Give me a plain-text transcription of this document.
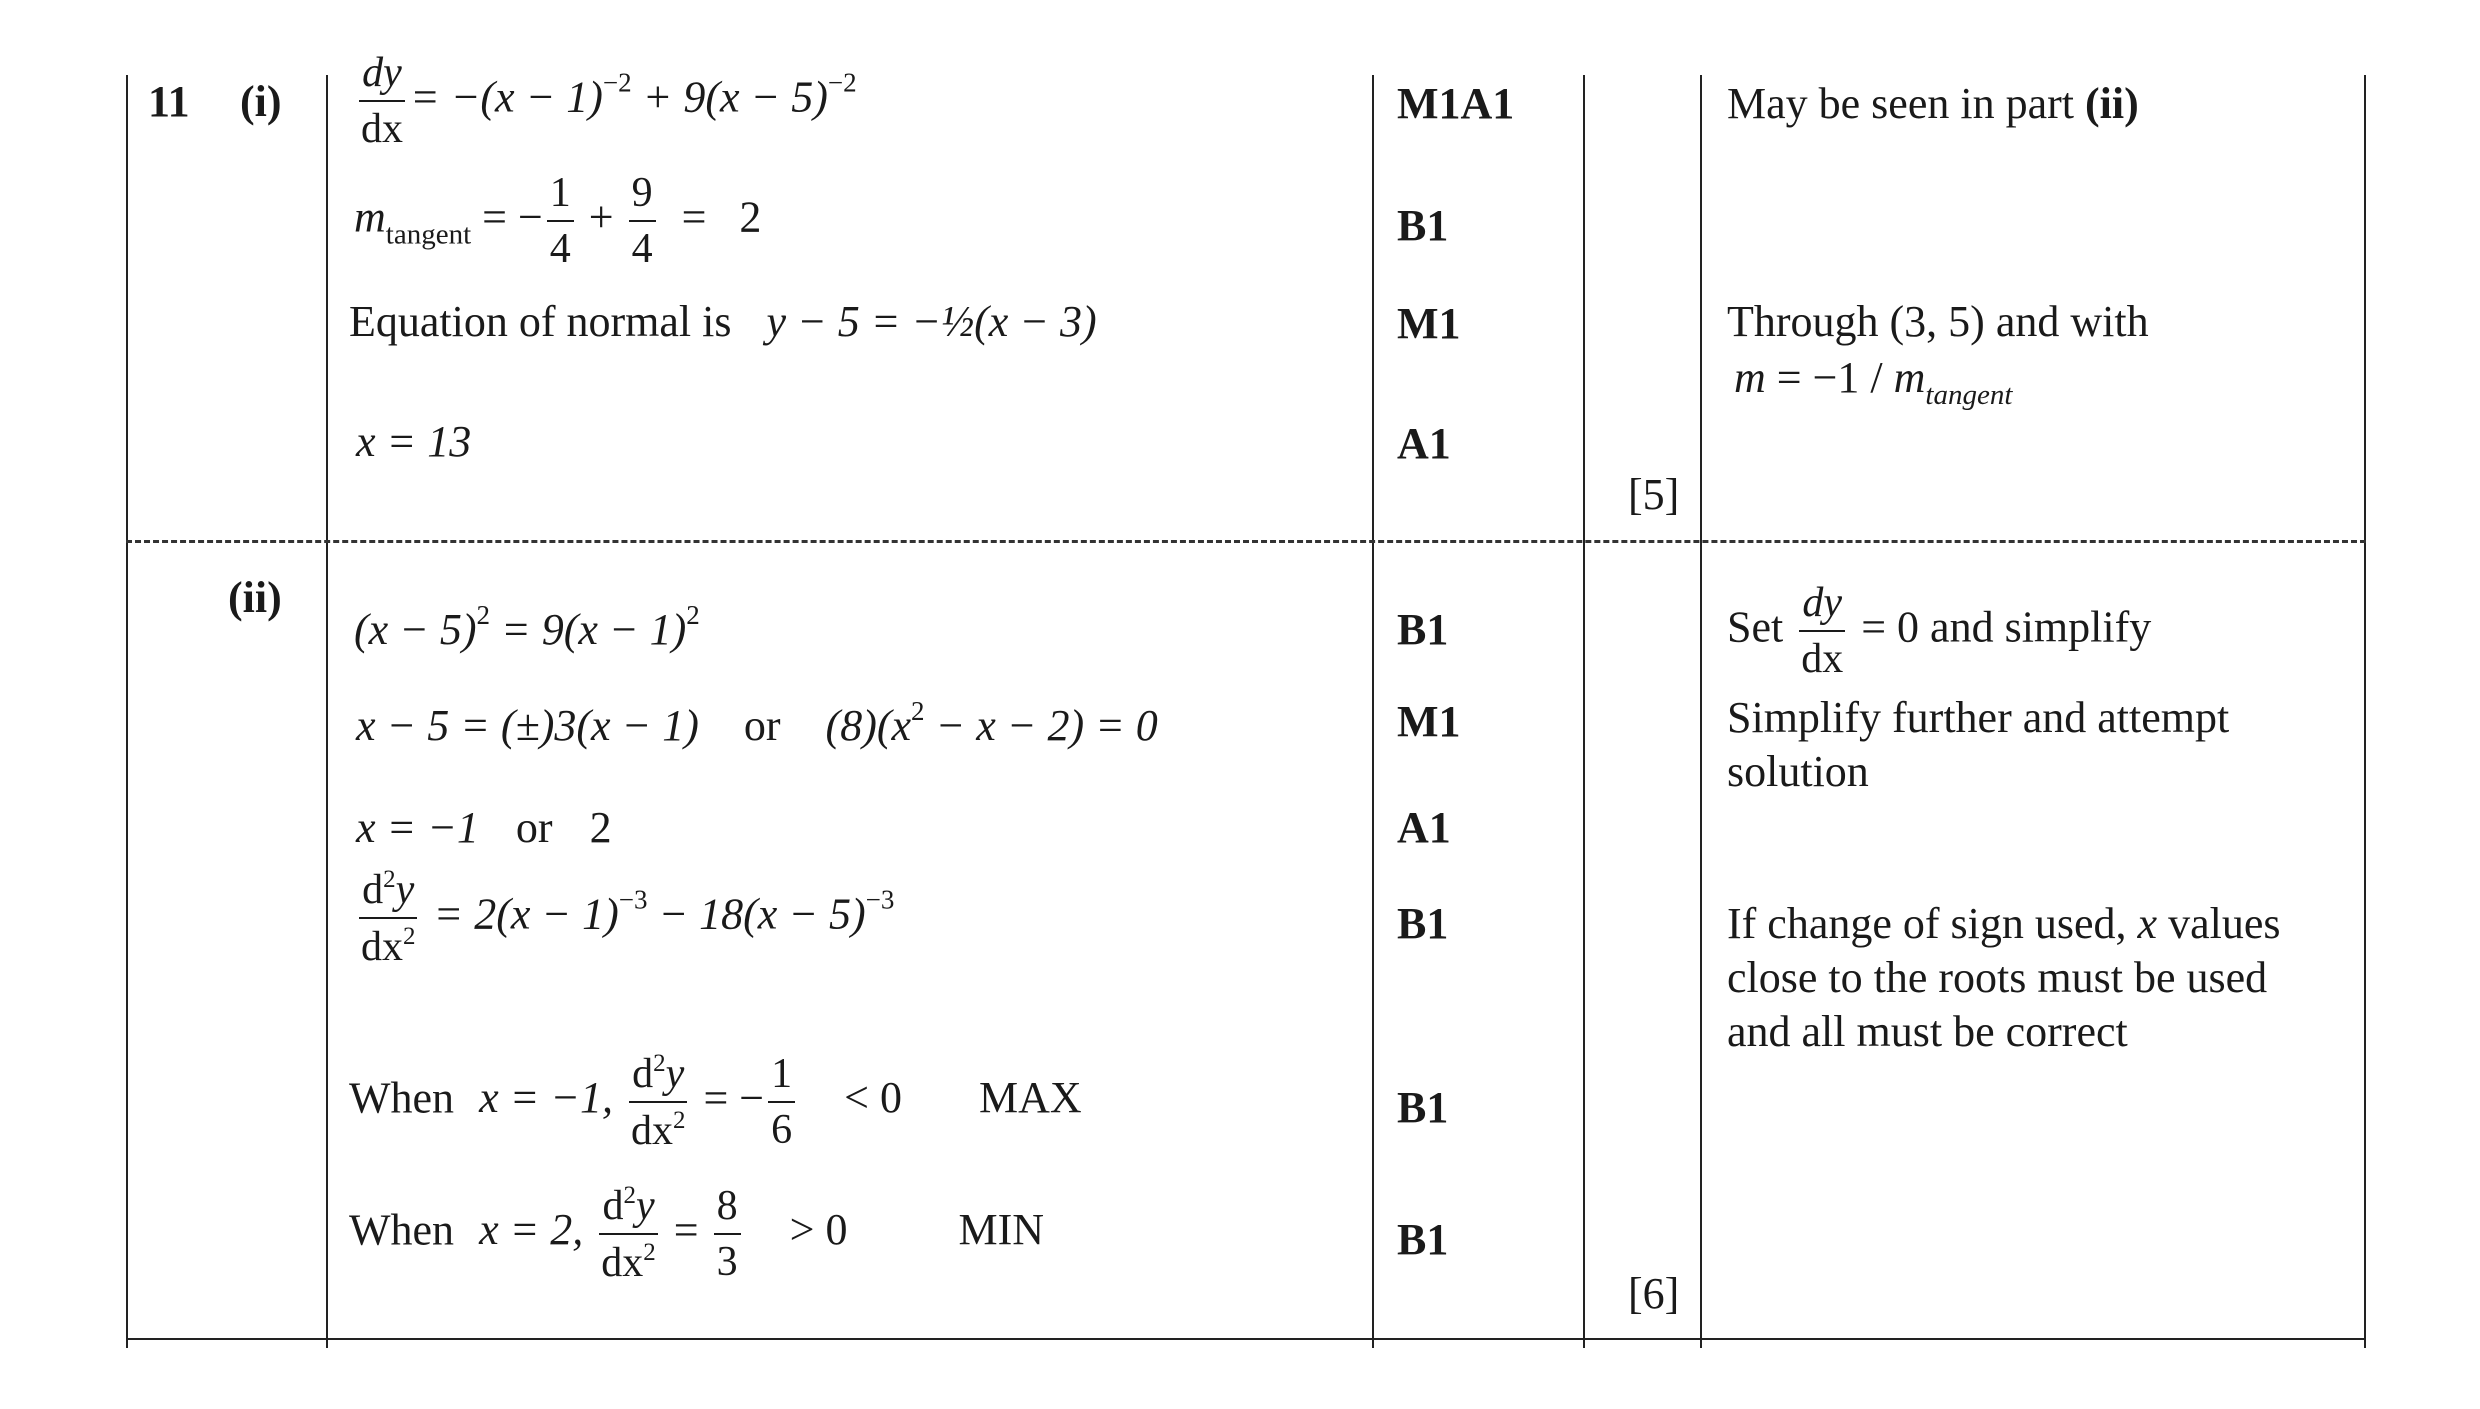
11 (i)
(ii)
$\frac{dy}{dx} = -(x - 1)^{-2} + 9(x - 5)^{-2}$
$m_{tangent}$ = − $\frac{1}{4} + \frac{9}{4} = 2$
Equation of normal is y − 5 = −½(x − 3)
x = 13
M1A1
B1
M1
A1
[5]
May be seen in part (ii)
Through (3, 5) and with
$m = -1 / m_{tangent}$
$(x - 5)^2 = 9(x - 1)^2$
x − 5 = (±)3(x − 1) or $(8)(x^2 - x - 2) = 0$
x = −1 or 2
$\frac{d^2y}{dx^2} = 2(x - 1)^{-3} - 18(x - 5)^{-3}$
When x = −1, $\frac{d^2y}{dx^2}$ = − $\frac{1}{6} < 0$ MAX
When x = 2, $\frac{d^2y}{dx^2} = \frac{8}{3} > 0$	MIN
B1
M1
A1
B1
B1
B1
[6]
Set $\frac{dy}{dx} = 0$ and simplify
Simplify further and attempt
solution
If change of sign used, x values
close to the roots must be used
and all must be correct
